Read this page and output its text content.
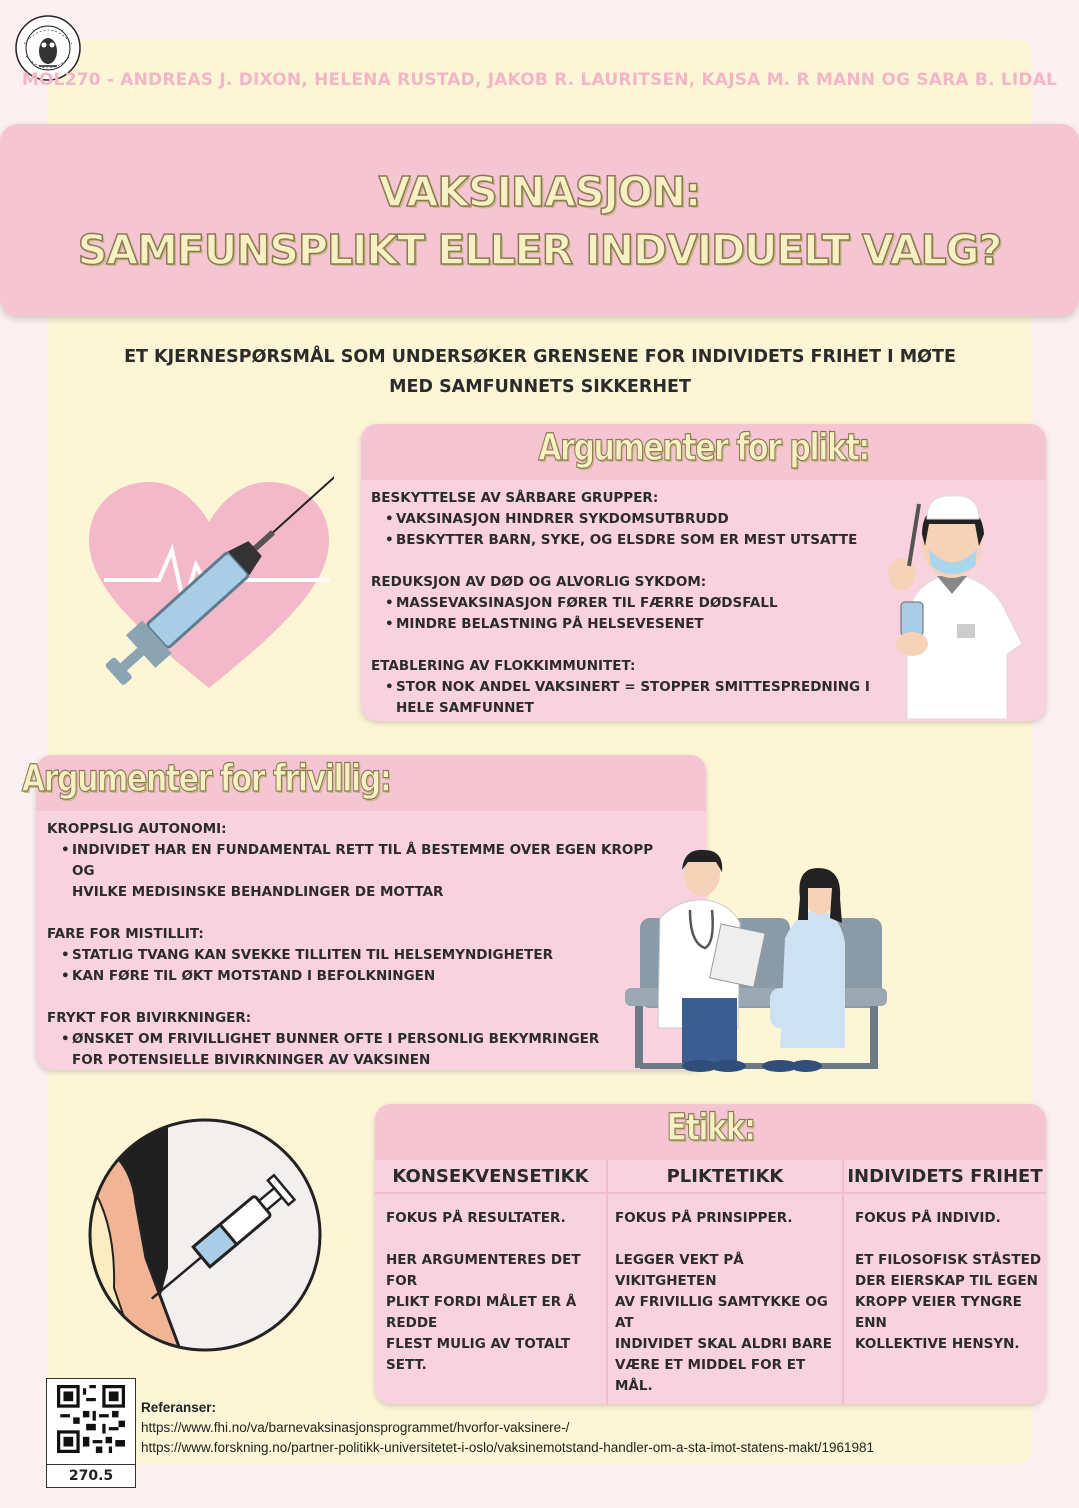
MOL270 - ANDREAS J. DIXON, HELENA RUSTAD, JAKOB R. LAURITSEN, KAJSA M. R MANN OG SARA B. LIDAL
VAKSINASJON:
SAMFUNSPLIKT ELLER INDVIDUELT VALG?
ET KJERNESPØRSMÅL SOM UNDERSØKER GRENSENE FOR INDIVIDETS FRIHET I MØTE MED SAMFUNNETS SIKKERHET
Argumenter for plikt:

BESKYTTELSE AV SÅRBARE GRUPPER:

• VAKSINASJON HINDRER SYKDOMSUTBRUDD

• BESKYTTER BARN, SYKE, OG ELSDRE SOM ER MEST UTSATTE

REDUKSJON AV DØD OG ALVORLIG SYKDOM:

• MASSEVAKSINASJON FØRER TIL FÆRRE DØDSFALL

• MINDRE BELASTNING PÅ HELSEVESENET

ETABLERING AV FLOKKIMMUNITET:

• STOR NOK ANDEL VAKSINERT = STOPPER SMITTESPREDNING I

HELE SAMFUNNET

Argumenter for frivillig:

KROPPSLIG AUTONOMI:

• INDIVIDET HAR EN FUNDAMENTAL RETT TIL Å BESTEMME OVER EGEN KROPP OG

HVILKE MEDISINSKE BEHANDLINGER DE MOTTAR

FARE FOR MISTILLIT:

• STATLIG TVANG KAN SVEKKE TILLITEN TIL HELSEMYNDIGHETER

• KAN FØRE TIL ØKT MOTSTAND I BEFOLKNINGEN

FRYKT FOR BIVIRKNINGER:

• ØNSKET OM FRIVILLIGHET BUNNER OFTE I PERSONLIG BEKYMRINGER

FOR POTENSIELLE BIVIRKNINGER AV VAKSINEN

Etikk:
KONSEKVENSETIKK	PLIKTETIKK	INDIVIDETS FRIHET
FOKUS PÅ RESULTATER.
HER ARGUMENTERES DET FOR
PLIKT FORDI MÅLET ER Å
REDDE
FLEST MULIG AV TOTALT SETT.
FOKUS PÅ PRINSIPPER.
LEGGER VEKT PÅ VIKITGHETEN
AV FRIVILLIG SAMTYKKE OG AT
INDIVIDET SKAL ALDRI BARE
VÆRE ET MIDDEL FOR ET MÅL.
FOKUS PÅ INDIVID.
ET FILOSOFISK STÅSTED
DER EIERSKAP TIL EGEN
KROPP VEIER TYNGRE ENN
KOLLEKTIVE HENSYN.
270.5
Referanser:
https://www.fhi.no/va/barnevaksinasjonsprogrammet/hvorfor-vaksinere-/
https://www.forskning.no/partner-politikk-universitetet-i-oslo/vaksinemotstand-handler-om-a-sta-imot-statens-makt/1961981
